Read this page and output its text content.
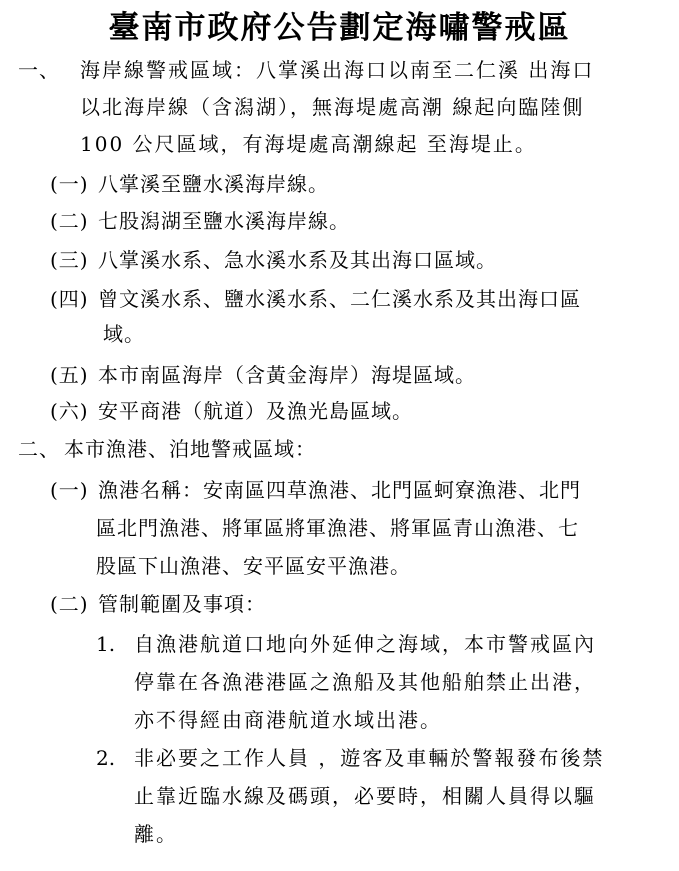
臺南市政府公告劃定海嘯警戒區
一、 海岸線警戒區域：八掌溪出海口以南至二仁溪 出海口
以北海岸線（含潟湖），無海堤處高潮 線起向臨陸側
100 公尺區域，有海堤處高潮線起 至海堤止。
(一) 八掌溪至鹽水溪海岸線。
(二) 七股潟湖至鹽水溪海岸線。
(三) 八掌溪水系、急水溪水系及其出海口區域。
(四) 曾文溪水系、鹽水溪水系、二仁溪水系及其出海口區
域。
(五) 本市南區海岸（含黃金海岸）海堤區域。
(六) 安平商港（航道）及漁光島區域。
二、 本市漁港、泊地警戒區域：
(一) 漁港名稱：安南區四草漁港、北門區蚵寮漁港、北門
區北門漁港、將軍區將軍漁港、將軍區青山漁港、七
股區下山漁港、安平區安平漁港。
(二) 管制範圍及事項：
1. 自漁港航道口地向外延伸之海域，本市警戒區內
停靠在各漁港港區之漁船及其他船舶禁止出港，
亦不得經由商港航道水域出港。
2. 非必要之工作人員 ，遊客及車輛於警報發布後禁
止靠近臨水線及碼頭，必要時，相關人員得以驅
離。
